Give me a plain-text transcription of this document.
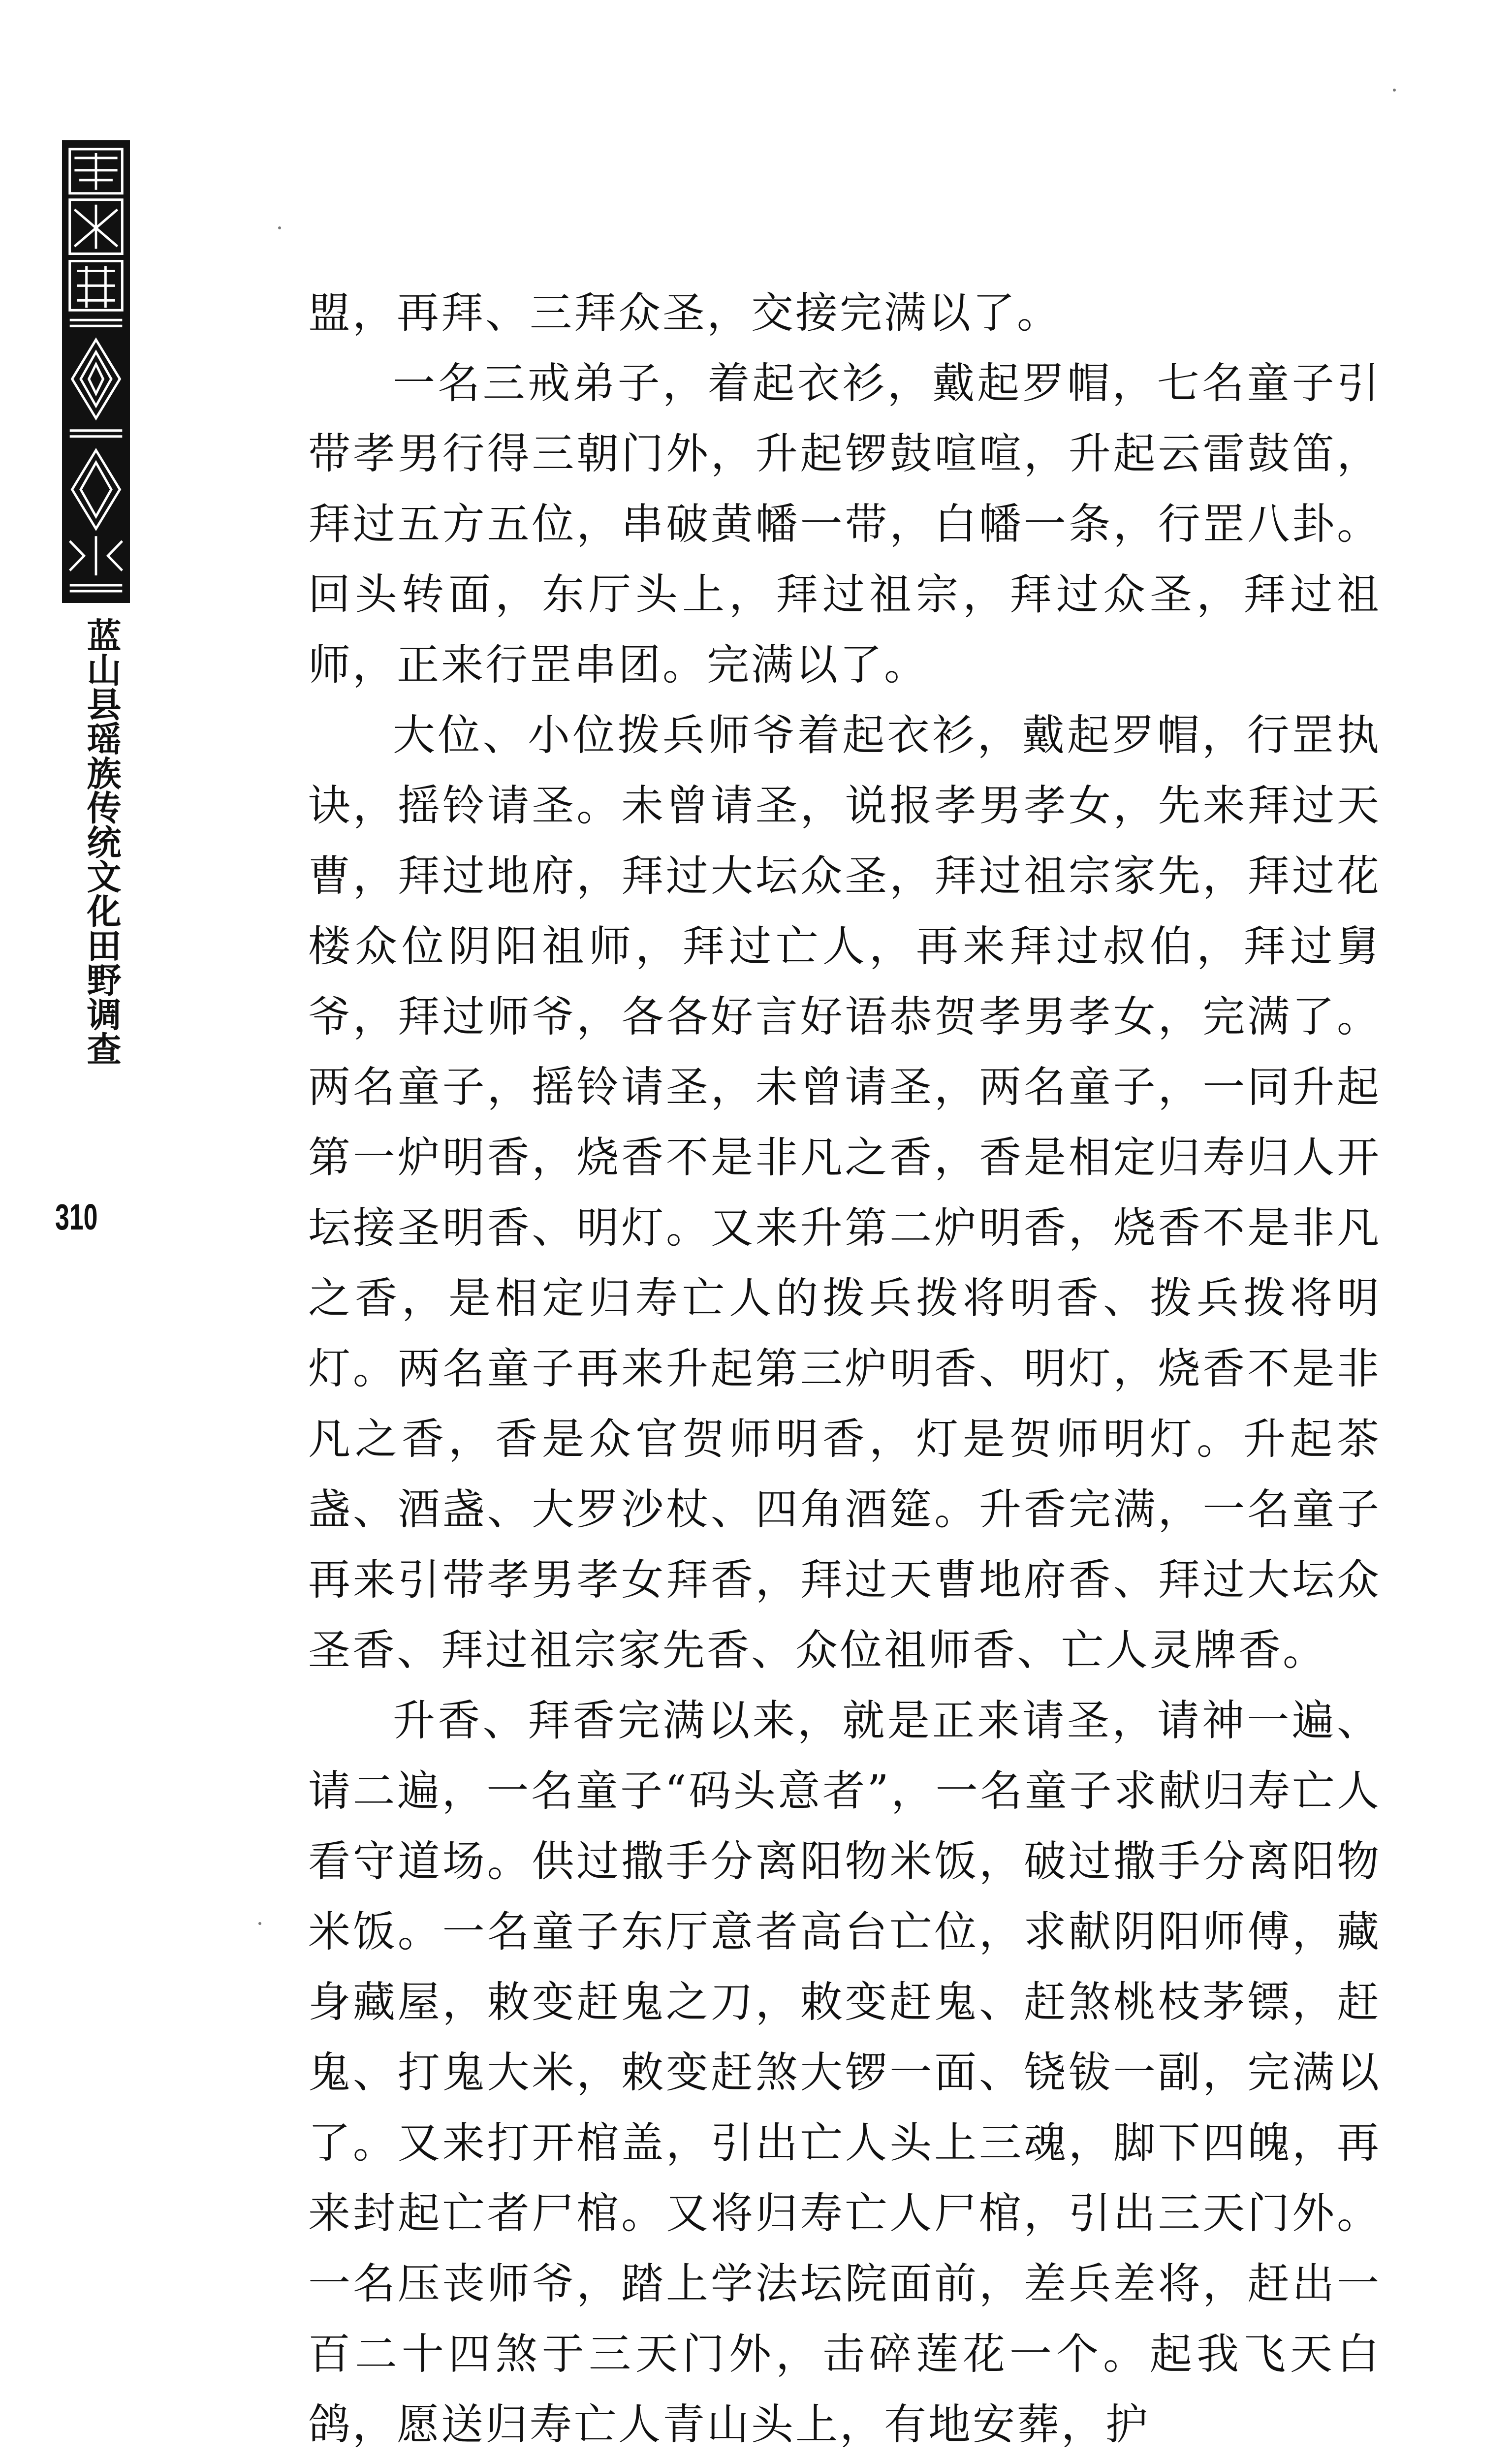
蓝山县瑶族传统文化田野调查
310

盟，再拜、三拜众圣，交接完满以了。

一名三戒弟子，着起衣衫，戴起罗帽，七名童子引带孝男行得三朝门外，升起锣鼓喧喧，升起云雷鼓笛，拜过五方五位，串破黄幡一带，白幡一条，行罡八卦。回头转面，东厅头上，拜过祖宗，拜过众圣，拜过祖师，正来行罡串团。完满以了。

大位、小位拨兵师爷着起衣衫，戴起罗帽，行罡执诀，摇铃请圣。未曾请圣，说报孝男孝女，先来拜过天曹，拜过地府，拜过大坛众圣，拜过祖宗家先，拜过花楼众位阴阳祖师，拜过亡人，再来拜过叔伯，拜过舅爷，拜过师爷，各各好言好语恭贺孝男孝女，完满了。两名童子，摇铃请圣，未曾请圣，两名童子，一同升起第一炉明香，烧香不是非凡之香，香是相定归寿归人开坛接圣明香、明灯。又来升第二炉明香，烧香不是非凡之香，是相定归寿亡人的拨兵拨将明香、拨兵拨将明灯。两名童子再来升起第三炉明香、明灯，烧香不是非凡之香，香是众官贺师明香，灯是贺师明灯。升起茶盏、酒盏、大罗沙杖、四角酒筵。升香完满，一名童子再来引带孝男孝女拜香，拜过天曹地府香、拜过大坛众圣香、拜过祖宗家先香、众位祖师香、亡人灵牌香。

升香、拜香完满以来，就是正来请圣，请神一遍、请二遍，一名童子“码头意者”，一名童子求献归寿亡人看守道场。供过撒手分离阳物米饭，破过撒手分离阳物米饭。一名童子东厅意者高台亡位，求献阴阳师傅，藏身藏屋，敕变赶鬼之刀，敕变赶鬼、赶煞桃枝茅镖，赶鬼、打鬼大米，敕变赶煞大锣一面、铙钹一副，完满以了。又来打开棺盖，引出亡人头上三魂，脚下四魄，再来封起亡者尸棺。又将归寿亡人尸棺，引出三天门外。一名压丧师爷，踏上学法坛院面前，差兵差将，赶出一百二十四煞于三天门外，击碎莲花一个。起我飞天白鸽，愿送归寿亡人青山头上，有地安葬，护
